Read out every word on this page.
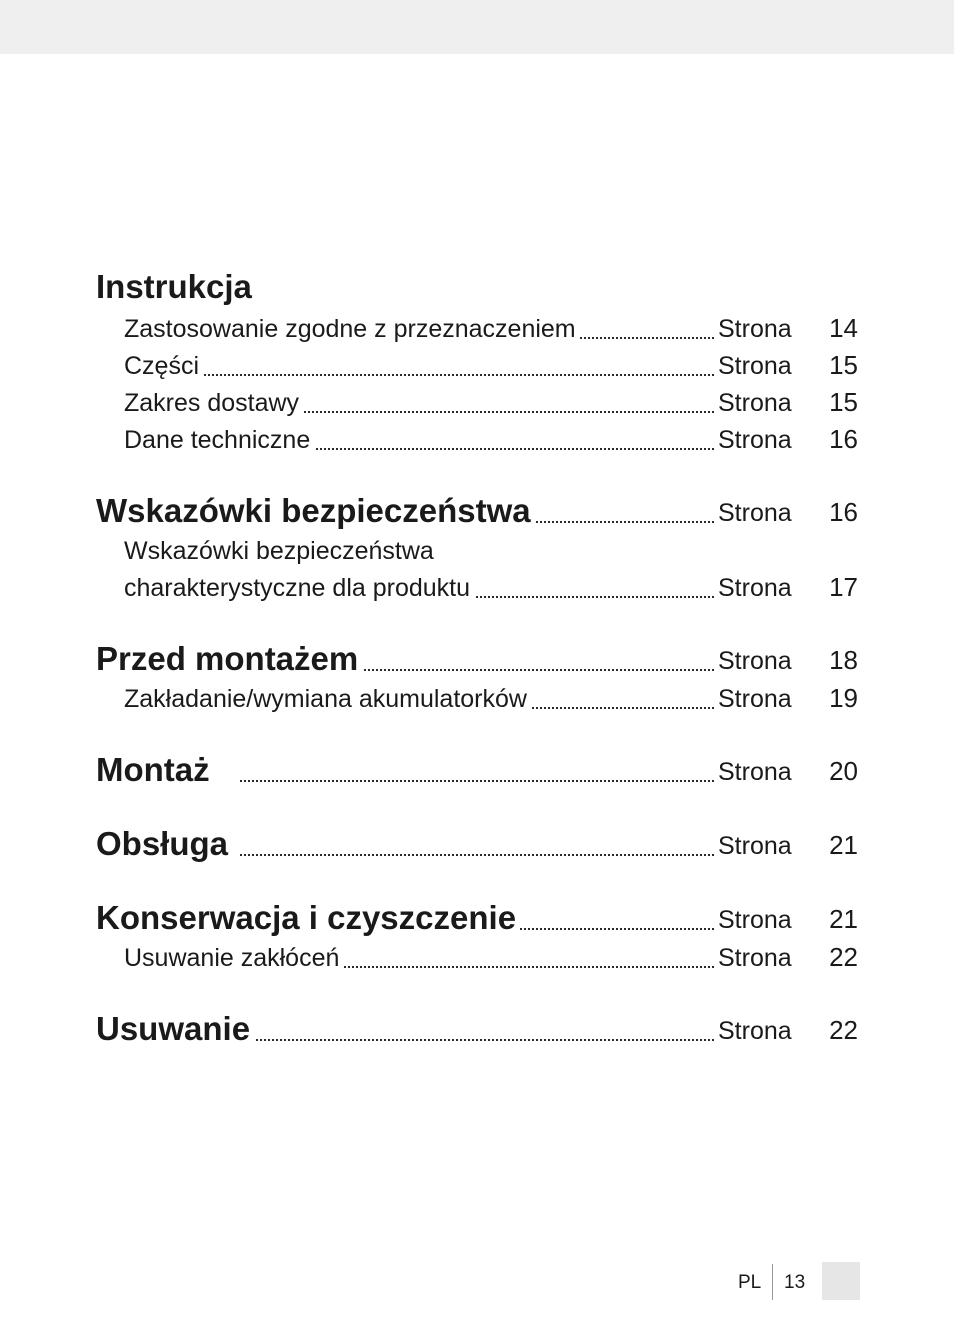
Instrukcja
Zastosowanie zgodne z przeznaczeniem	Strona 14
Części	Strona 15
Zakres dostawy	Strona 15
Dane techniczne	Strona 16
Wskazówki bezpieczeństwa	Strona 16
Wskazówki bezpieczeństwa
charakterystyczne dla produktu	Strona 17
Przed montażem	Strona 18
Zakładanie/wymiana akumulatorków	Strona 19
Montaż	Strona 20
Obsługa	Strona 21
Konserwacja i czyszczenie	Strona 21
Usuwanie zakłóceń	Strona 22
Usuwanie	Strona 22
PL 13
